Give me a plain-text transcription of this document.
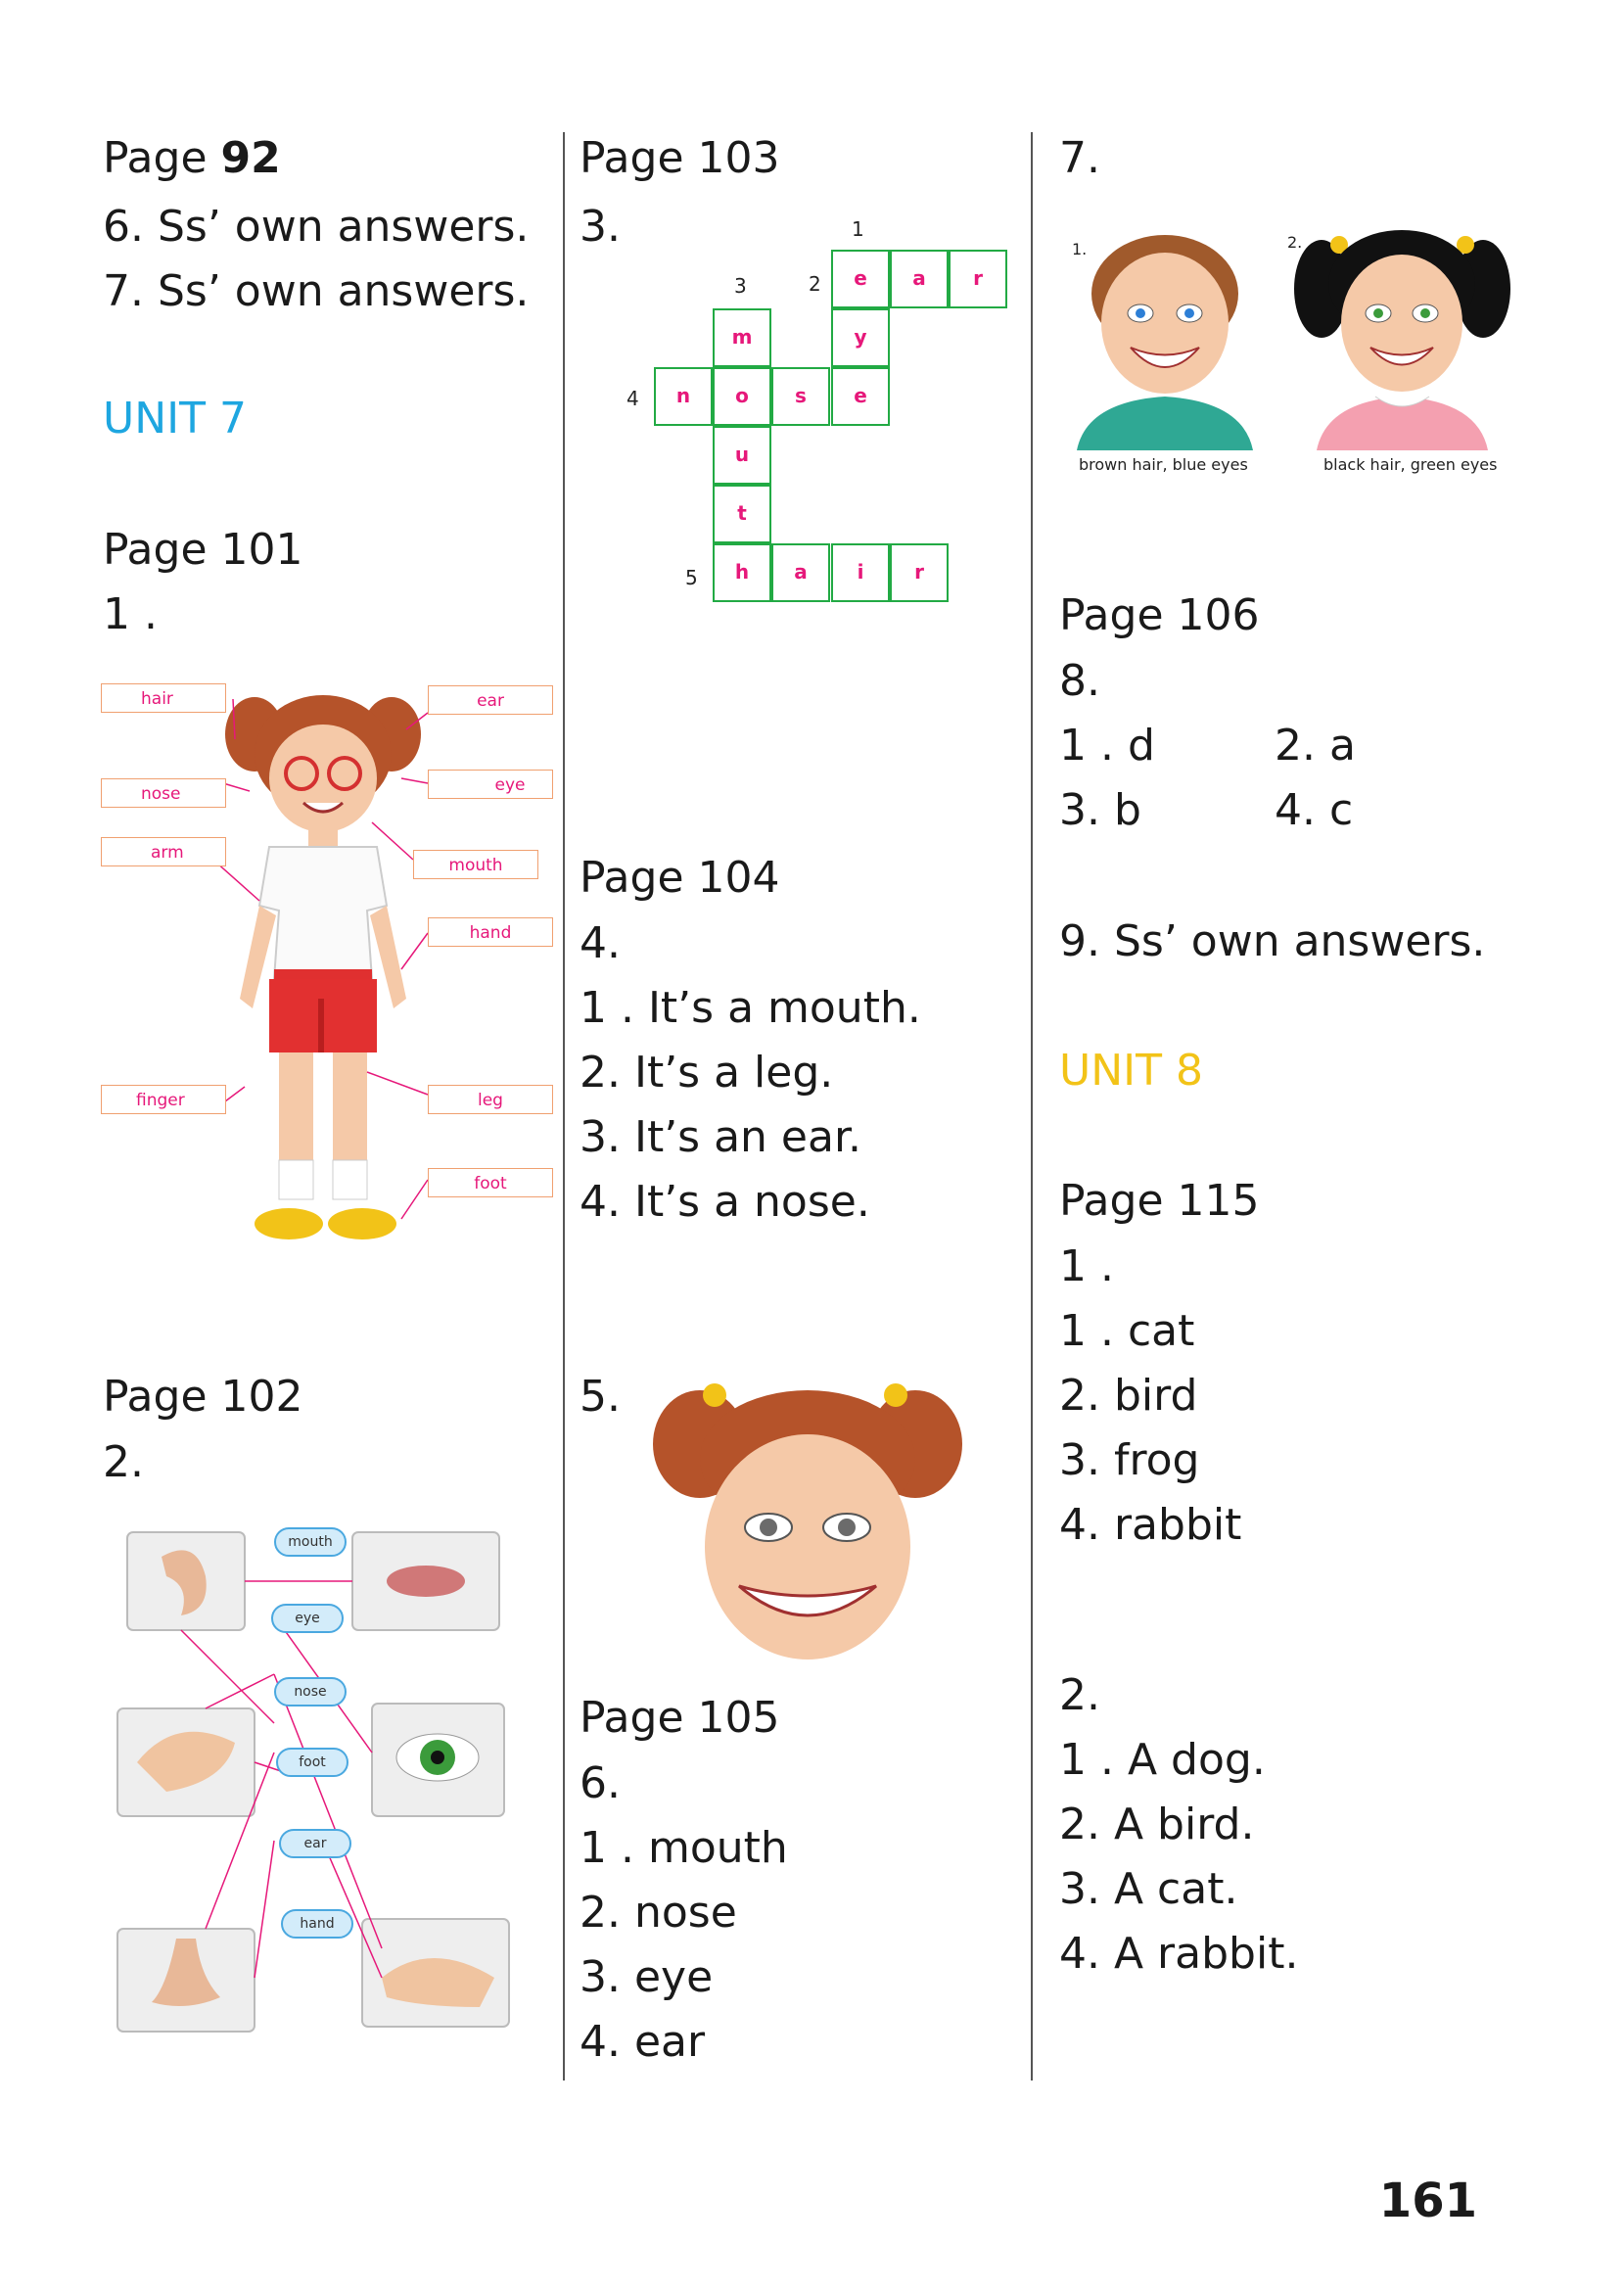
Page 92
6. Ss’ own answers.
7. Ss’ own answers.
UNIT 7
Page 101
1 .
hair
nose
arm
finger
ear
eye
mouth
hand
leg
foot
Page 102
2.
mouth
eye
nose
foot
ear
hand
Page 103
3.	1
2
3
4
5
e	a	r
m	y
n	o	s	e
u
t
h	a	i	r
Page 104
4.
1 . It’s a mouth.
2. It’s a leg.
3. It’s an ear.
4. It’s a nose.
5.
Page 105
6.
1 . mouth
2. nose
3. eye
4. ear
7.
1.
brown hair, blue eyes
2.
black hair, green eyes
Page 106
8.
1 . d	2. a
3. b	4. c
9. Ss’ own answers.
UNIT 8
Page 115
1 .
1 . cat
2. bird
3. frog
4. rabbit
2.
1 . A dog.
2. A bird.
3. A cat.
4. A rabbit.
161
